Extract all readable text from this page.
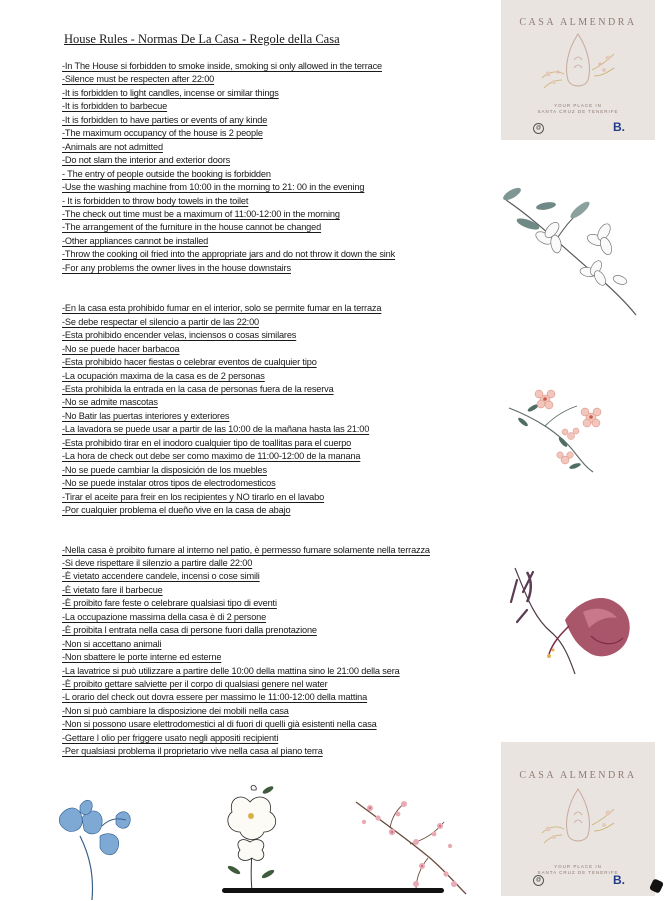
House Rules - Normas De La Casa - Regole della Casa
-In The House si forbidden to smoke inside, smoking si only allowed in the terrace
-Silence must be respecten after 22:00
-It is forbidden to light candles, incense or similar things
-It is forbidden to barbecue
-It is forbidden to have parties or events of any kinde
-The maximum occupancy of the house is 2 people
-Animals are not admitted
-Do not slam the interior and exterior doors
- The entry of people outside the booking is forbidden
-Use the washing machine from 10:00 in the morning to 21: 00 in the evening
- It is forbidden to throw body towels in the toilet
-The check out time must be a maximum of 11:00-12:00 in the morning
-The arrangement of the furniture in the house cannot be changed
-Other appliances cannot be installed
-Throw the cooking oil fried into the appropriate jars and do not throw it down the sink
-For any problems the owner lives in the house downstairs
-En la casa esta prohibido fumar en el interior, solo se permite fumar en la terraza
-Se debe respectar el silencio a partir de las 22:00
-Esta prohibido encender velas, inciensos o cosas similares
-No se puede hacer barbacoa
-Esta prohibido hacer fiestas o celebrar eventos de cualquier tipo
-La ocupación maxima de la casa es de 2 personas
-Esta prohibida la entrada en la casa de personas fuera de la reserva
-No se admite mascotas
-No Batir las puertas interiores y exteriores
-La lavadora se puede usar a partir de las 10:00 de la mañana hasta las 21:00
-Esta prohibido tirar en el inodoro cualquier tipo de toallitas para el cuerpo
-La hora de check out debe ser como maximo de 11:00-12:00 de la manana
-No se puede cambiar la disposición de los muebles
-No se puede instalar otros tipos de electrodomesticos
-Tirar el aceite para freir en los recipientes y NO tirarlo en el lavabo
-Por cualquier problema el dueño vive en la casa de abajo
-Nella casa è proibito fumare al interno nel patio, è permesso fumare solamente nella terrazza
-Si deve rispettare il silenzio a partire dalle 22:00
-È vietato accendere candele, incensi o cose simili
-È vietato fare il barbecue
-È proibito fare feste o celebrare qualsiasi tipo di eventi
-La occupazione massima della casa è di 2 persone
-È proibita l entrata nella casa di persone fuori dalla prenotazione
-Non si accettano animali
-Non sbattere le porte interne ed esterne
-La lavatrice si può utilizzare a partire delle 10:00 della mattina sino le 21:00 della sera
-È proibito gettare salviette per il corpo di qualsiasi genere nel water
-L orario del check out dovra essere per massimo le 11:00-12:00 della mattina
-Non si può cambiare la disposizione dei mobili nella casa
-Non si possono usare elettrodomestici al di fuori di quelli già esistenti nella casa
-Gettare l olio per friggere usato negli appositi recipienti
-Per qualsiasi problema il proprietario vive nella casa al piano terra
CASA ALMENDRA
YOUR PLACE IN
SANTA CRUZ DE TENERIFE
@	B.
CASA ALMENDRA
YOUR PLACE IN
SANTA CRUZ DE TENERIFE
@	B.
